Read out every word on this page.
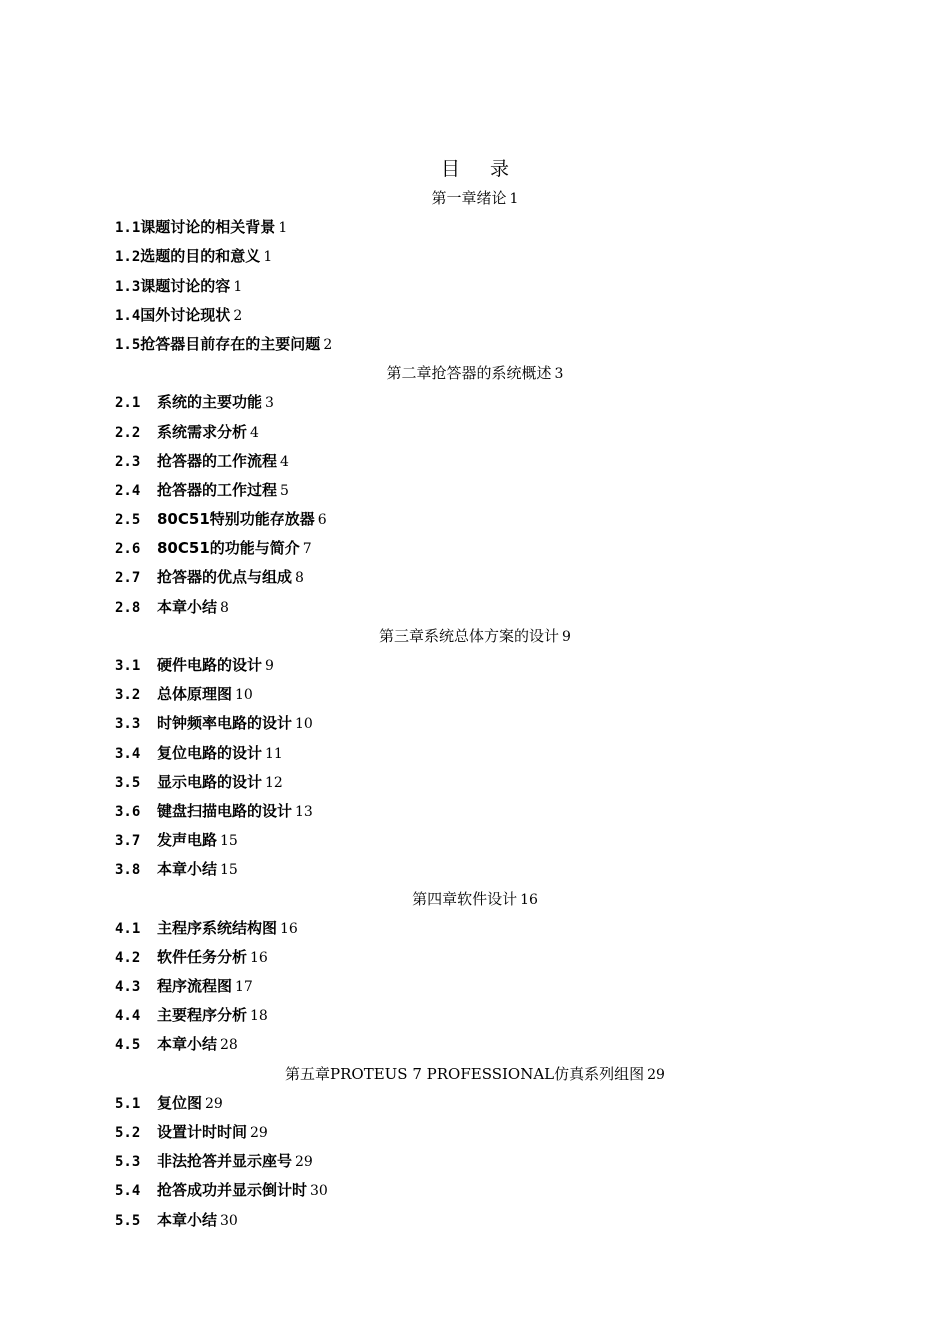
目 录
第一章绪论 1
1.1课题讨论的相关背景 1
1.2选题的目的和意义 1
1.3课题讨论的容 1
1.4国外讨论现状 2
1.5抢答器目前存在的主要问题 2
第二章抢答器的系统概述 3
2.1 系统的主要功能 3
2.2 系统需求分析 4
2.3 抢答器的工作流程 4
2.4 抢答器的工作过程 5
2.5 80C51特别功能存放器 6
2.6 80C51的功能与简介 7
2.7 抢答器的优点与组成 8
2.8 本章小结 8
第三章系统总体方案的设计 9
3.1 硬件电路的设计 9
3.2 总体原理图 10
3.3 时钟频率电路的设计 10
3.4 复位电路的设计 11
3.5 显示电路的设计 12
3.6 键盘扫描电路的设计 13
3.7 发声电路 15
3.8 本章小结 15
第四章软件设计 16
4.1 主程序系统结构图 16
4.2 软件任务分析 16
4.3 程序流程图 17
4.4 主要程序分析 18
4.5 本章小结 28
第五章PROTEUS 7 PROFESSIONAL仿真系列组图 29
5.1 复位图 29
5.2 设置计时时间 29
5.3 非法抢答并显示座号 29
5.4 抢答成功并显示倒计时 30
5.5 本章小结 30
